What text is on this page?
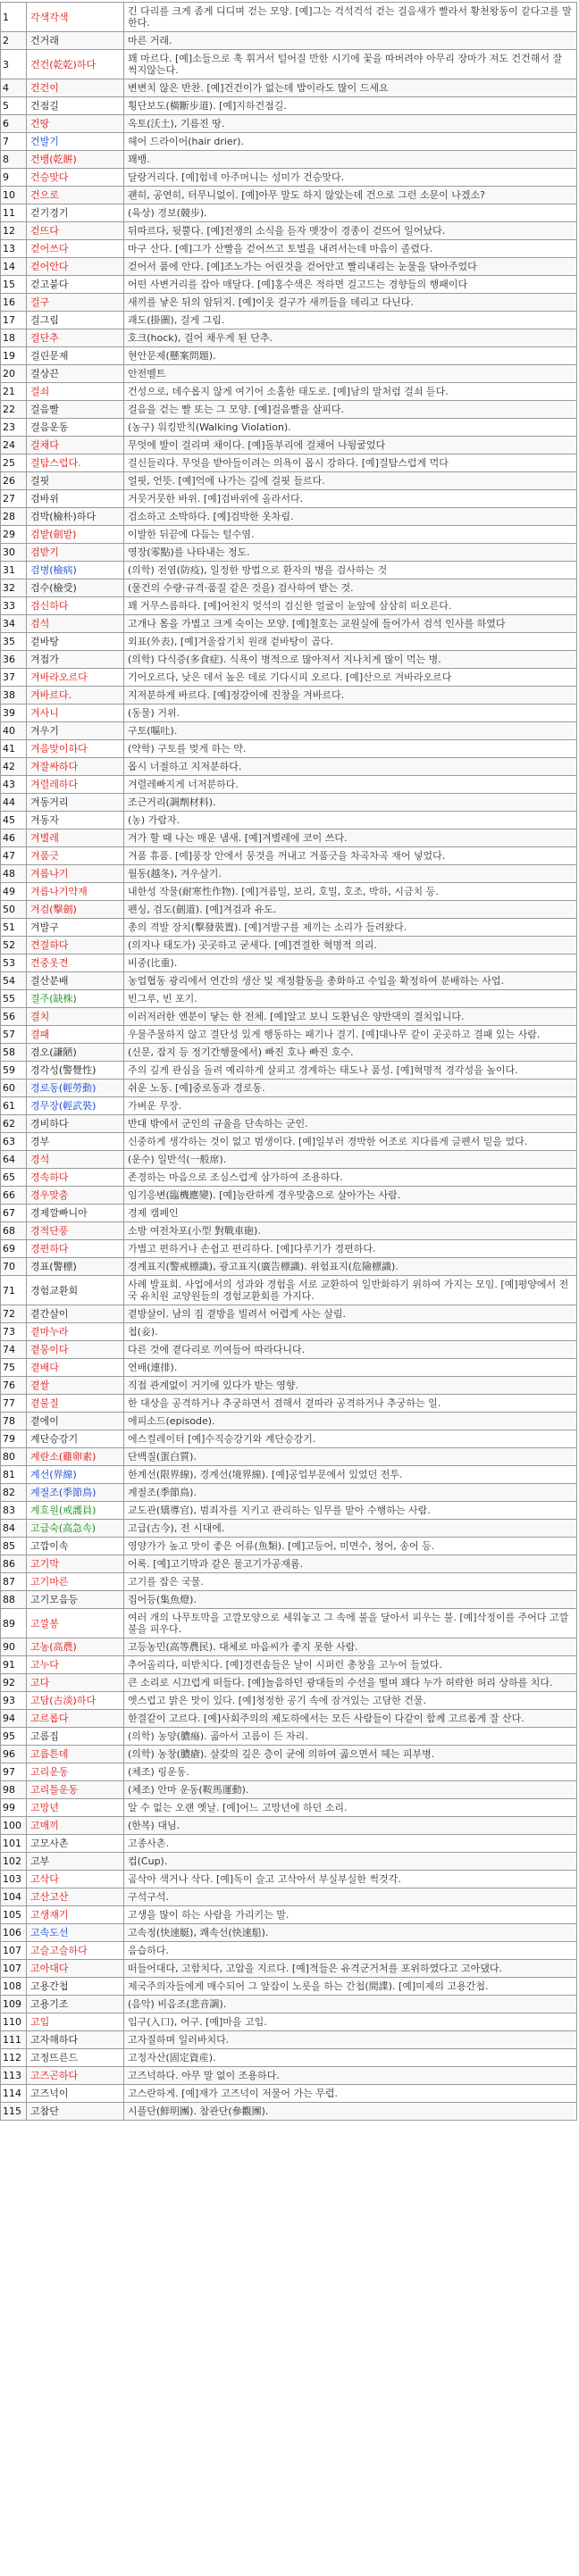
1	각색각색	긴 다리를 크게 좀게 디디며 걷는 모양. [예]그는 걱석걱석 걷는 걸음새가 빨라서 황천왕동이 같다고를 말한다.
2	건거래	마른 거래.
3	건건(乾乾)하다	꽤 마르다. [예]소들으로 훅 휘거서 털어질 만한 시기에 꽃을 따버려야 아무리 장마가 져도 건건해서 잘 썩지않는다.
4	건건이	변변치 않은 반찬. [예]건건이가 없는데 밥이라도 많이 드세요
5	건점길	횡단보도(橫斷步道). [예]지하건점길.
6	건땅	옥토(沃土), 기름진 땅.
7	건발기	헤어 드라이어(hair drier).
8	건뱅(乾餠)	꽤뱅.
9	건승맞다	달랑거리다. [예]험네 아주머니는 성미가 건승맞다.
10	건으로	괜히, 공연히, 터무니없이. [예]아무 말도 하지 않았는데 건으로 그런 소문이 나겠소?
11	걷기경기	(육상) 경보(競步).
12	걷뜨다	뒤따르다, 뒷뿔다. [예]전쟁의 소식을 듣자 멧장이 경종이 걷뜨어 일어났다.
13	걷어쓰다	마구 산다. [예]그가 산빨을 걷어쓰고 토벌을 내려서는데 마음이 졸렸다.
14	걷어안다	걷어서 품에 안다. [예]조노가는 어린것을 걷어안고 빨리내리는 눈물을 닦아주었다
15	걷고붙다	어떤 사변거리를 잡아 매달다. [예]홍수색은 적하면 걸고드는 경향들의 행패이다
16	걸구	새끼를 낳은 뒤의 암뒤지. [예]이웃 걸구가 새끼들을 데리고 다닌다.
17	걸그림	괘도(掛圖), 걸게 그림.
18	걸단추	호크(hock), 걸어 채우게 된 단추.
19	걸린문제	현안문제(懸案問題).
20	걸상끈	안전벨트
21	걸쇠	건성으로, 데수롭지 않게 여기어 소홀한 태도로. [예]남의 말처럼 걸쇠 듣다.
22	걸음빨	걸음을 걷는 빨 또는 그 모양. [예]걸음빨을 살피다.
23	걸음운동	(농구) 워킹반칙(Walking Violation).
24	걸채다	무엇에 발이 걸리며 채이다. [예]돌부리에 걸채어 나뒹굴었다
25	걸탐스럽다.	걸신들리다. 무엇을 받아들이려는 의욕이 몹시 강하다. [예]걸탐스럽게 먹다
26	걸핏	얼핏, 언뜻. [예]억에 나가는 길에 걸핏 들르다.
27	검바위	거뭇거뭇한 바위. [예]검바위에 올라서다.
28	검박(檢朴)하다	검소하고 소박하다. [예]검박한 옷차림.
29	검밭(劍밭)	이발한 뒤끝에 다듬는 털수염.
30	검받기	영장(零點)를 나타내는 정도.
31	검병(檢病)	(의학) 전염(防疫), 일정한 방법으로 환자의 병을 검사하는 것
32	검수(檢受)	(물건의 수량·규격·품질 같은 것을) 검사하여 받는 것.
33	검신하다	꽤 거무스름하다. [예]어천지 엊석의 검신한 얼굴이 눈앞에 삼삼히 떠오른다.
34	검석	고개나 몸을 가볍고 크게 숙이는 모양. [예]철호는 교원실에 들어가서 검석 인사를 하였다
35	겉바탕	외표(外表), [예]겨울잡기치 원래 겉바탕이 곱다.
36	겨접가	(의학) 다식증(多食症). 식욕이 병적으로 많아져서 지나치게 많이 먹는 병.
37	겨바라오르다	기어오르다, 낮은 데서 높은 데로 기다시피 오르다. [예]산으로 겨바라오르다
38	겨바르다.	지저분하게 바르다. [예]정강이에 진창을 겨바르다.
39	겨사니	(동물) 거위.
40	겨우기	구토(嘔吐).
41	겨음맞이하다	(약학) 구토를 멎게 하는 약.
42	겨잘싸하다	몹시 너절하고 지저분하다.
43	겨렬레하다	겨렬레빠지게 너저분하다.
44	겨동거리	조근거리(調劑材料).
45	겨동자	(농) 가람자.
46	겨별레	겨가 할 때 나는 매운 냄새. [예]겨별레에 코이 쓰다.
47	겨품긋	겨품 휴품. [예]풍장 안에서 뭉것을 꺼내고 겨품긋을 차곡차곡 재어 넣었다.
48	겨름나기	월동(越冬), 겨우살기.
49	겨름나기약재	내한성 작물(耐寒性作物). [예]겨름밀, 보리, 호밀, 호조, 박하, 시금치 등.
50	겨검(擊劍)	펜싱, 검도(劍道). [예]겨검과 유도.
51	겨발구	총의 격발 장치(擊發裝置). [예]겨발구를 제끼는 소리가 들려왔다.
52	견결하다	(의지나 태도가) 곳곳하고 굳세다. [예]견결한 혁명적 의리.
53	견중옷견	비중(比重).
54	결산분배	농업협동 광리에서 연간의 생산 및 재정활동을 총화하고 수입을 확정하여 분배하는 사업.
55	결주(缺株)	빈그루, 빈 포기.
56	결치	이러저러한 엔분이 닿는 한 전체. [예]알고 보니 도환님은 양반댁의 결치입니다.
57	결패	우물주물하지 않고 결단성 있게 행동하는 패기나 결기. [예]대나무 같이 곳곳하고 결패 있는 사람.
58	겸오(謙陋)	(신문, 잡지 등 정기간행물에서) 빠진 호나 빠진 호수.
59	경각성(警覺性)	주의 깊게 관심을 돌려 예리하게 살피고 경계하는 태도나 품성. [예]혁명적 경각성을 높이다.
60	경로동(輕勞動)	쉬운 노동. [예]중로동과 경로동.
61	경무장(輕武裝)	가벼운 무장.
62	경비하다	반대 밖에서 군인의 규율을 단속하는 군인.
63	경부	신중하게 생각하는 것이 없고 범생이다. [예]일부러 경박한 어조로 지다름게 글펜서 밑을 었다.
64	경석	(운수) 일반석(一般席).
65	경속하다	존경하는 마음으로 조심스럽게 삼가하여 조용하다.
66	경우맞춤	임기응변(臨機應變). [예]능란하게 경우맞춤으로 살아가는 사람.
67	경제깜빠니아	경제 캠페인
68	경적단풍	소방 여전차포(小型 對戰車砲).
69	경편하다	가볍고 편하거나 손쉽고 편리하다. [예]다루기가 경편하다.
70	경표(警標)	경계표지(警戒標識), 광고표지(廣告標識). 위험표지(危險標識).
71	경험교환회	사례 발표회. 사업에서의 성과와 경험을 서로 교환하여 일반화하기 위하여 가지는 모임. [예]평양에서 전국 유치원 교양원들의 경험교환회를 가지다.
72	곁간살이	곁방살이. 남의 집 곁방을 빌려서 어렵게 사는 살림.
73	곁마누라	첩(妾).
74	곁뭉이다	다른 것에 곁다리로 끼여들어 따라다니다.
75	곁배다	연배(連排).
76	곁쌀	직접 관계없이 거기에 있다가 받는 영향.
77	곁불질	한 대상을 공격하거나 추궁하면서 겸해서 곁따라 공격하거나 추궁하는 일.
78	곁에이	에피소드(episode).
79	계단승강기	에스컬레이터 [예]수직승강기와 계단승강기.
80	계란소(雞卵素)	단백질(蛋白質).
81	계선(界線)	한계선(限界線), 경계선(境界線). [예]공업부문에서 있었던 전투.
82	계절조(季節鳥)	계절조(季節鳥).
83	계호원(戒護員)	교도관(矯導官), 범죄자를 지키고 관리하는 임무를 맡아 수행하는 사람.
84	고급숙(高急속)	고급(古今), 전 시대에.
85	고깝이속	영양가가 높고 맛이 좋은 어류(魚類). [예]고등어, 미면수, 청어, 송어 등.
86	고기막	어록. [예]고기막과 같은 물고기가공재롬.
87	고기마른	고기를 잡은 국물.
88	고기모음등	집어등(集魚燈).
89	고깔봉	여러 개의 나무토막을 고깔모양으로 세워놓고 그 속에 불을 달아서 피우는 불. [예]삭정이를 주어다 고깔불을 피우다.
90	고농(高農)	고등농민(高等農民). 대체로 마음씨가 좋지 못한 사람.
91	고누다	추어올리다, 떠받치다. [예]경련솜들은 날이 시퍼런 총창을 고누어 들었다.
92	고다	큰 소리로 시끄럽게 떠들다. [예]놀음하던 광대들의 수선을 떨며 꽤다 누가 허락한 허리 상하를 치다.
93	고담(古淡)하다	엣스럽고 맑은 맛이 있다. [예]청정한 공기 속에 잠겨있는 고담한 건물.
94	고르롭다	한결같이 고르다. [예]사회주의의 제도하에서는 모든 사람들이 다같이 함께 고르롭게 잘 산다.
95	고름집	(의학) 농양(膿瘍). 곪아서 고름이 든 자리.
96	고름튼데	(의학) 농창(膿瘡). 살갗의 깊은 층이 균에 의하여 곪으면서 헤는 피부병.
97	고리운동	(체조) 링운동.
98	고리틀운동	(체조) 안마 운동(鞍馬運動).
99	고망년	알 수 없는 오랜 옛날. [예]어느 고망년에 하던 소리.
100	고매끼	(한복) 대님.
101	고모사촌	고종사촌.
102	고부	컵(Cup).
103	고삭다	곰삭아 색거나 삭다. [예]독이 슬고 고삭아서 부실부실한 썩것각.
104	고산고산	구석구석.
105	고생쟤기	고생을 많이 하는 사람을 가리키는 말.
106	고속도선	고속정(快速艇), 쾌속선(快速船).
107	고슬고슬하다	음습하다.
107	고아대다	떠들어대다, 고함치다, 고압을 지르다. [예]적들은 유격군거처를 포위하였다고 고아댔다.
108	고용간첩	제국주의자들에게 매수되어 그 앞잡이 노릇을 하는 간첩(間諜). [예]미제의 고용간첩.
109	고용기조	(음악) 비음조(悲音調).
110	고입	입구(入口), 어구. [예]마을 고입.
111	고자해하다	고자질하며 일러바치다.
112	고정뜨른드	고정자산(固定資産).
113	고즈곤하다	고즈넉하다. 아무 말 없이 조용하다.
114	고즈넉이	고스란하게. [예]재가 고즈넉이 저물어 가는 무렵.
115	고참단	시플단(鮮明團). 참관단(參觀團).
